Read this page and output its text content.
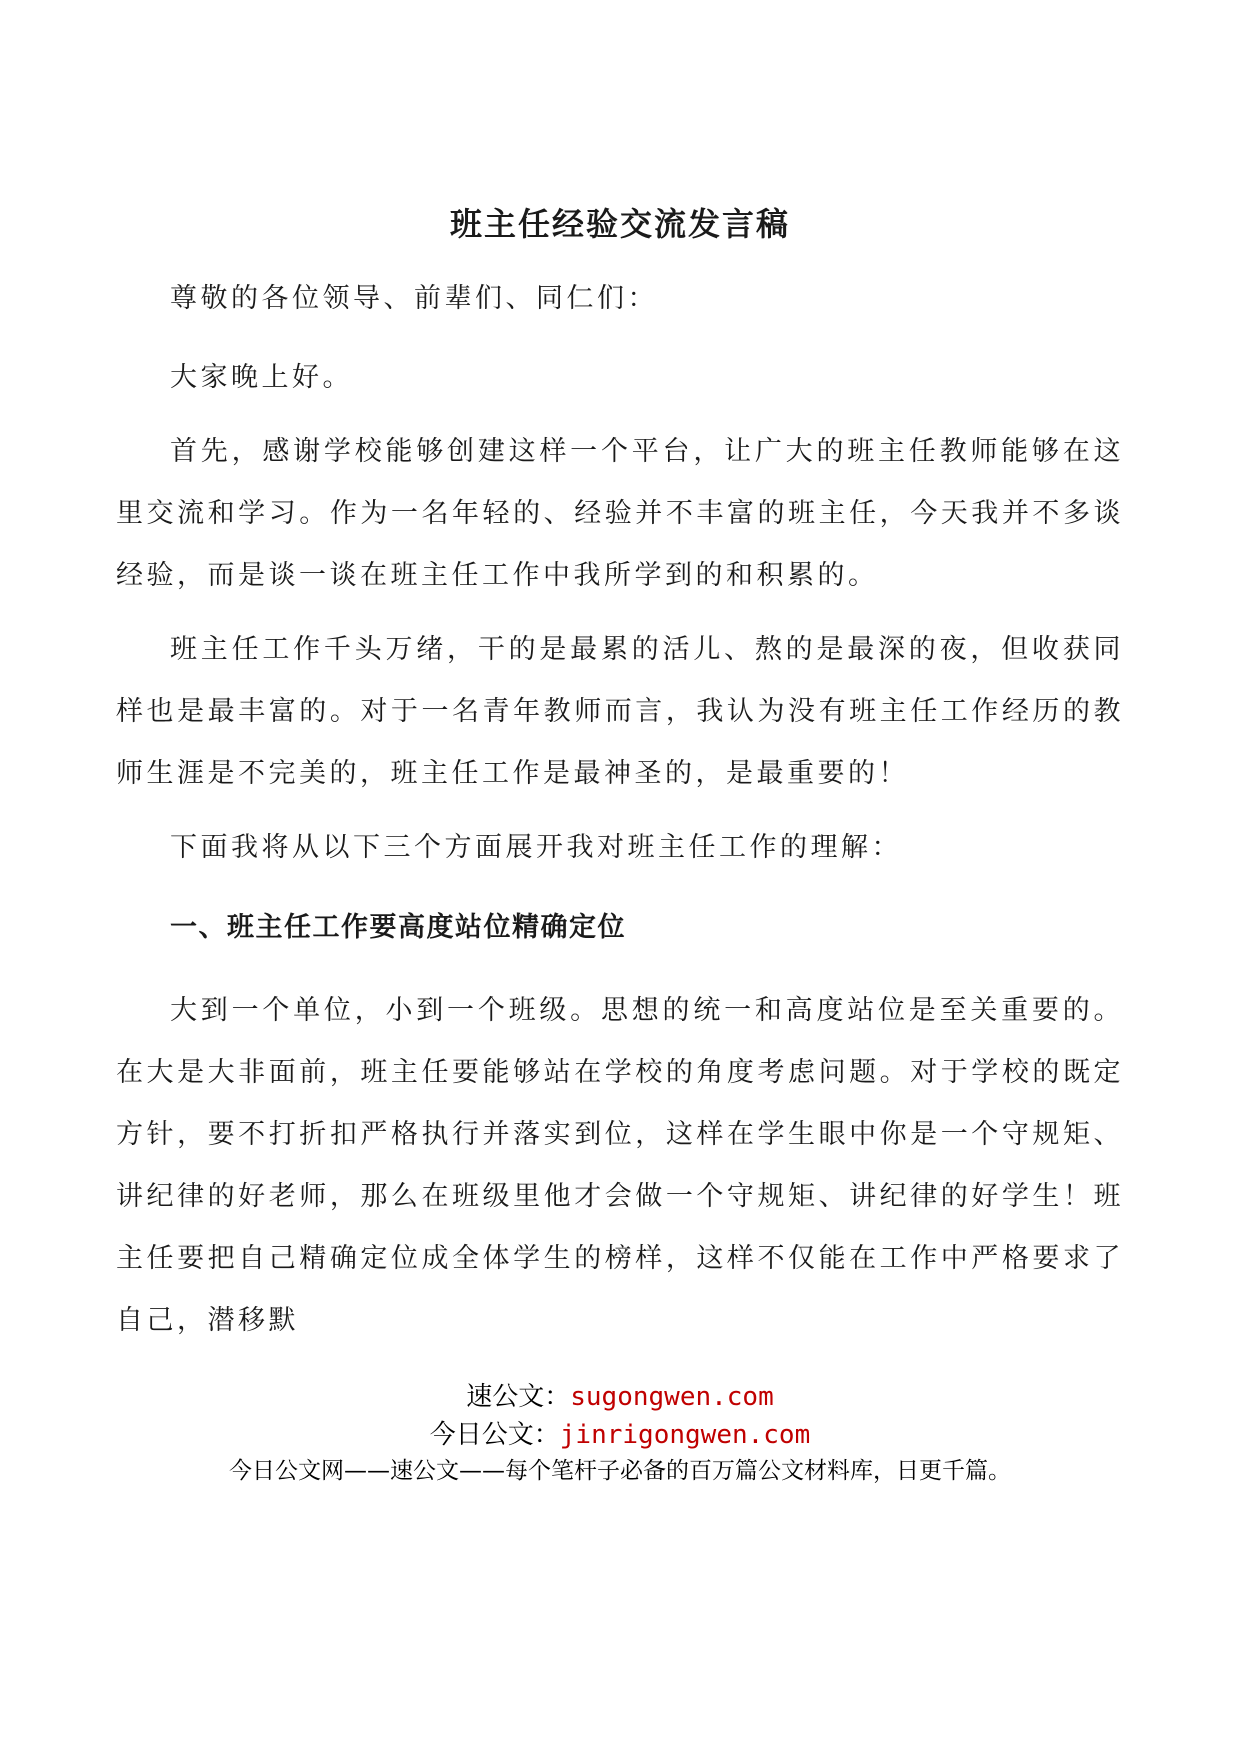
班主任经验交流发言稿

尊敬的各位领导、前辈们、同仁们：

大家晚上好。

首先，感谢学校能够创建这样一个平台，让广大的班主任教师能够在这里交流和学习。作为一名年轻的、经验并不丰富的班主任，今天我并不多谈经验，而是谈一谈在班主任工作中我所学到的和积累的。

班主任工作千头万绪，干的是最累的活儿、熬的是最深的夜，但收获同样也是最丰富的。对于一名青年教师而言，我认为没有班主任工作经历的教师生涯是不完美的，班主任工作是最神圣的，是最重要的！

下面我将从以下三个方面展开我对班主任工作的理解：

一、班主任工作要高度站位精确定位

大到一个单位，小到一个班级。思想的统一和高度站位是至关重要的。在大是大非面前，班主任要能够站在学校的角度考虑问题。对于学校的既定方针，要不打折扣严格执行并落实到位，这样在学生眼中你是一个守规矩、讲纪律的好老师，那么在班级里他才会做一个守规矩、讲纪律的好学生！班主任要把自己精确定位成全体学生的榜样，这样不仅能在工作中严格要求了自己，潜移默

速公文：sugongwen.com
今日公文：jinrigongwen.com
今日公文网——速公文——每个笔杆子必备的百万篇公文材料库，日更千篇。
